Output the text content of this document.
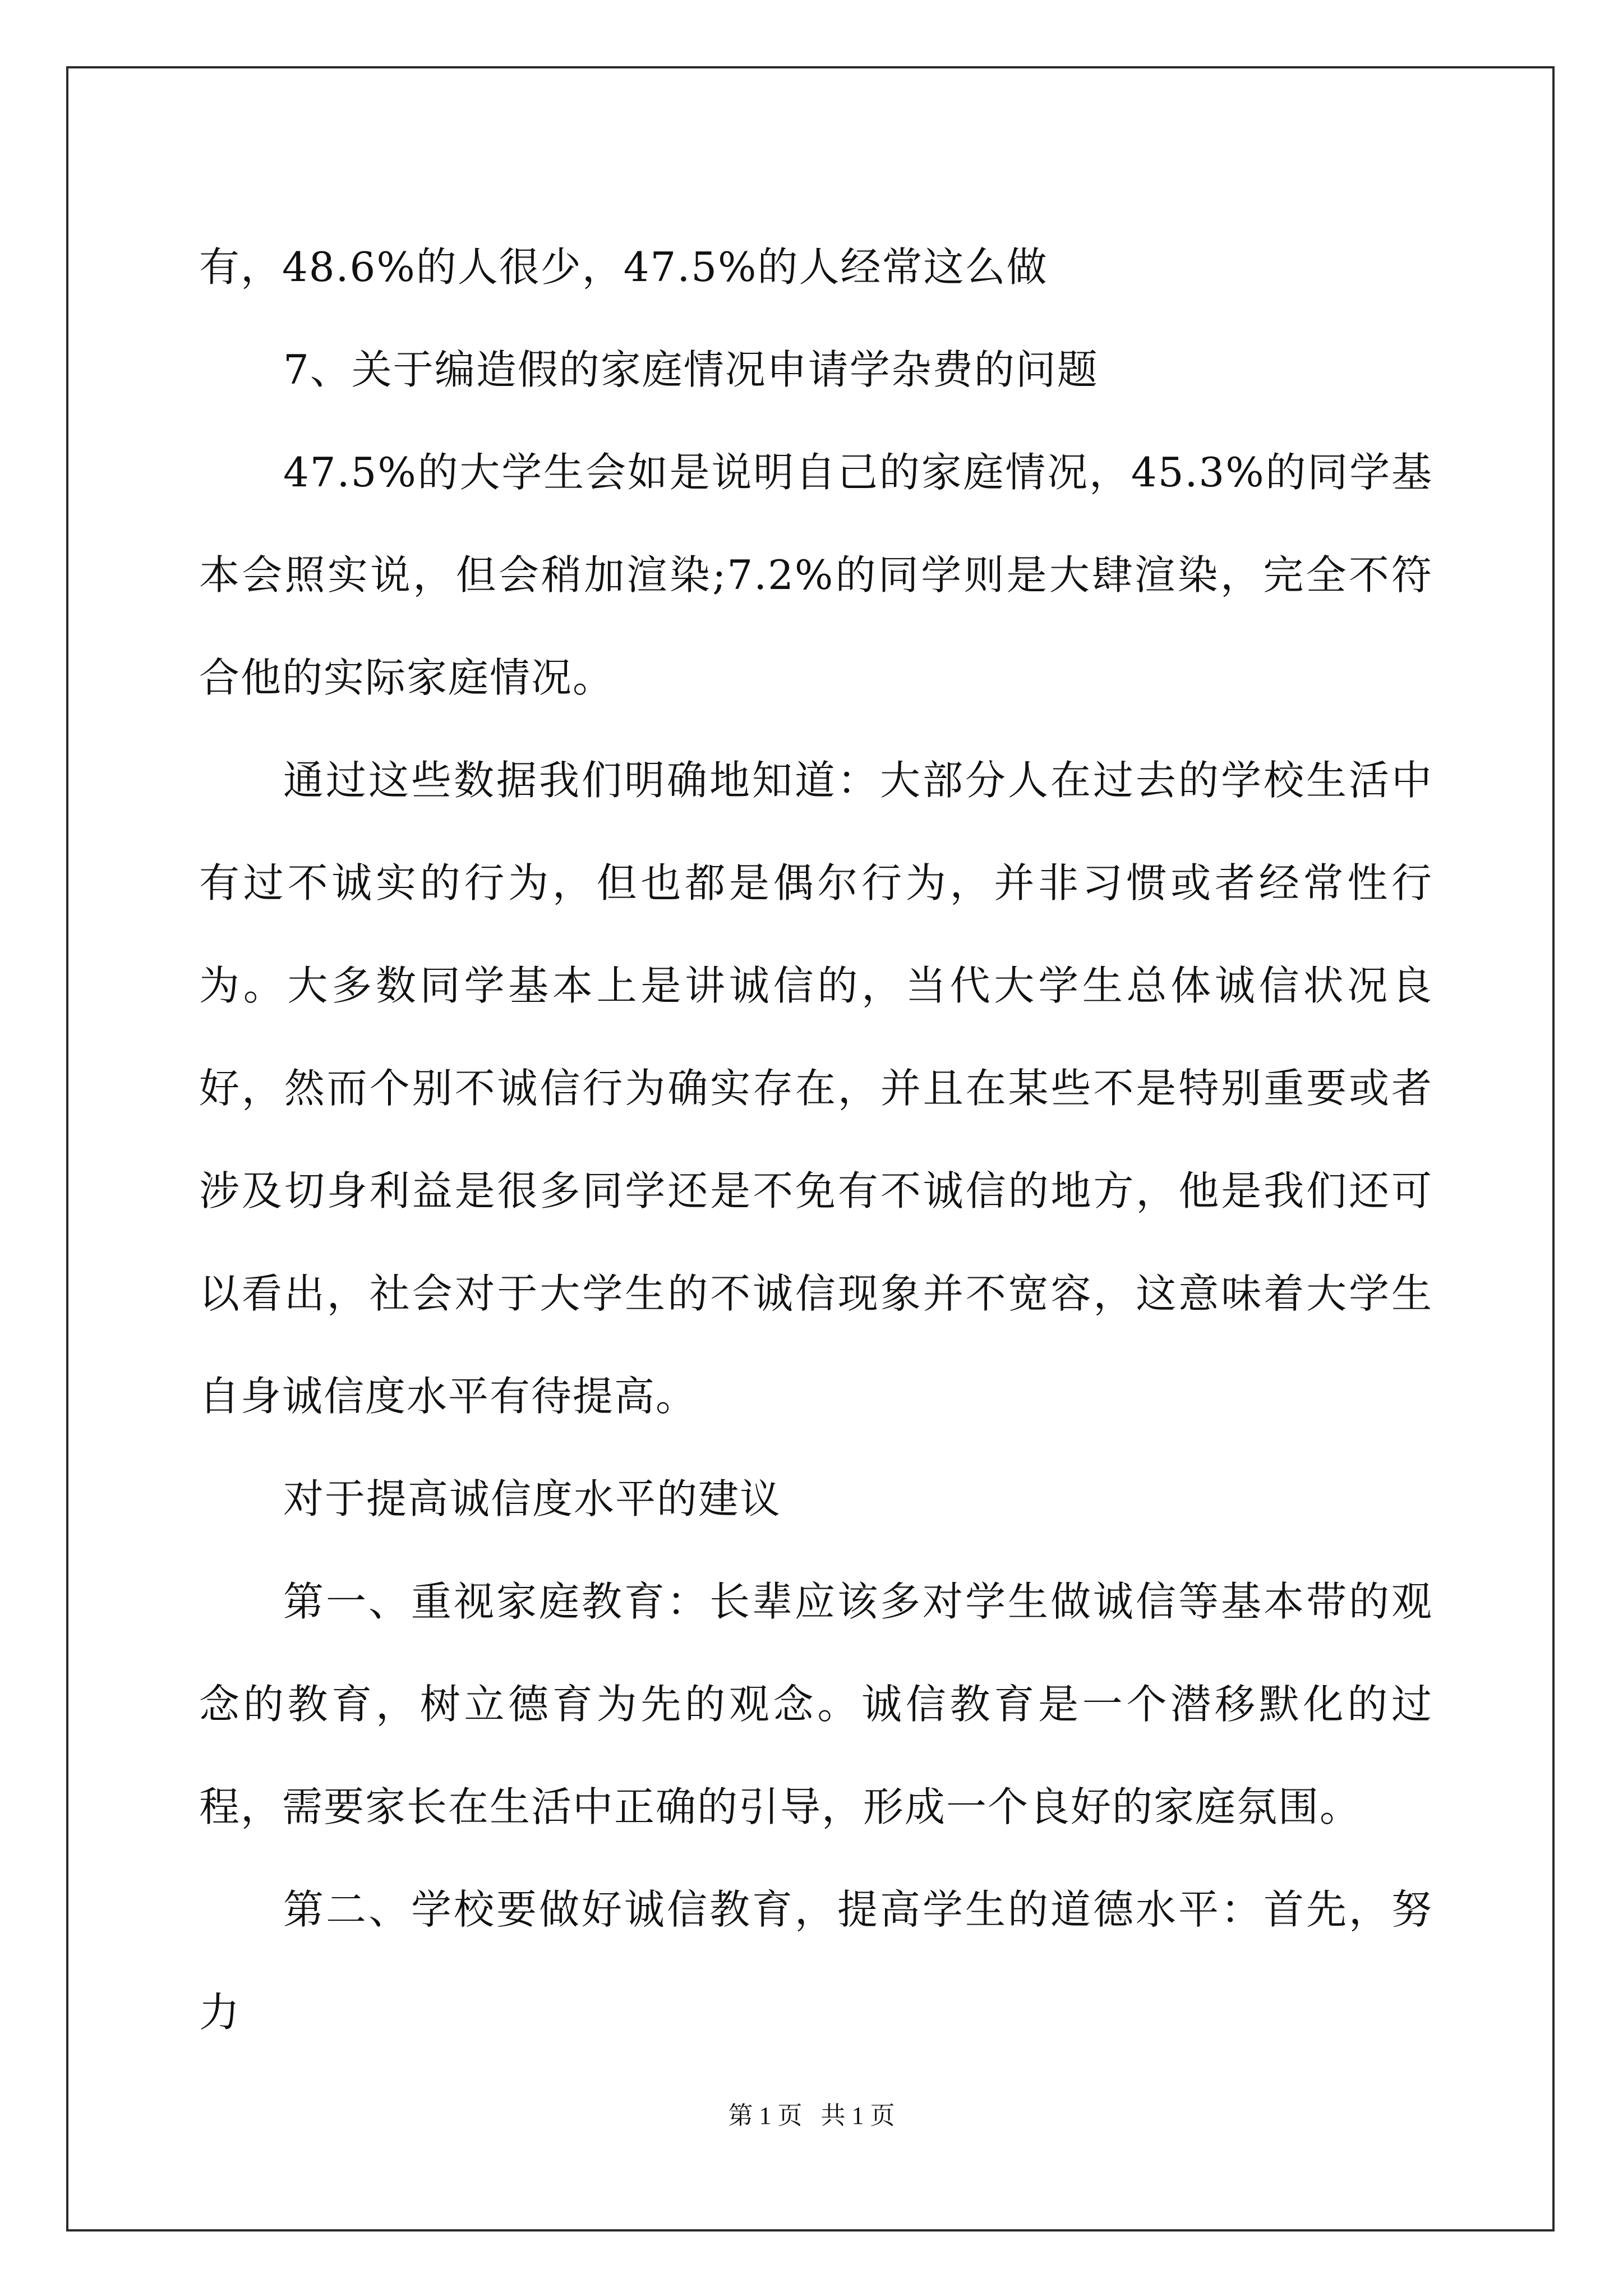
有，48.6%的人很少，47.5%的人经常这么做

7、关于编造假的家庭情况申请学杂费的问题

47.5%的大学生会如是说明自己的家庭情况，45.3%的同学基本会照实说，但会稍加渲染;7.2%的同学则是大肆渲染，完全不符合他的实际家庭情况。

通过这些数据我们明确地知道：大部分人在过去的学校生活中有过不诚实的行为，但也都是偶尔行为，并非习惯或者经常性行为。大多数同学基本上是讲诚信的，当代大学生总体诚信状况良好，然而个别不诚信行为确实存在，并且在某些不是特别重要或者涉及切身利益是很多同学还是不免有不诚信的地方，他是我们还可以看出，社会对于大学生的不诚信现象并不宽容，这意味着大学生自身诚信度水平有待提高。

对于提高诚信度水平的建议

第一、重视家庭教育：长辈应该多对学生做诚信等基本带的观念的教育，树立德育为先的观念。诚信教育是一个潜移默化的过程，需要家长在生活中正确的引导，形成一个良好的家庭氛围。

第二、学校要做好诚信教育，提高学生的道德水平：首先，努力

第 1 页   共 1 页
